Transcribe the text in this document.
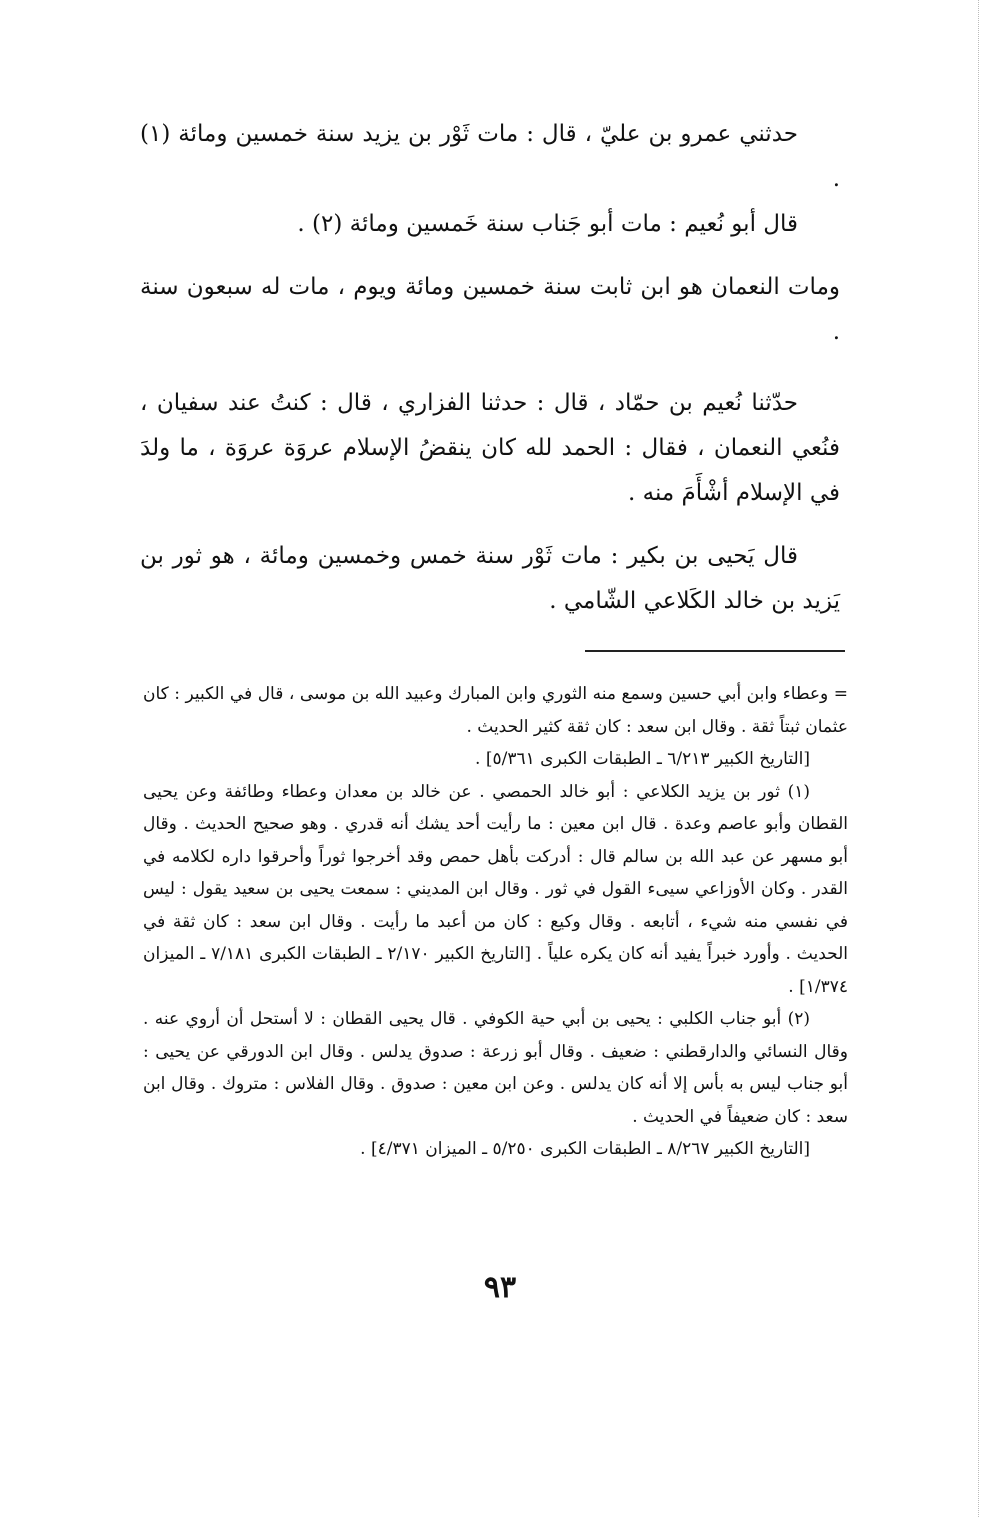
حدثني عمرو بن عليّ ، قال : مات ثَوْر بن يزيد سنة خمسين ومائة (١) .

قال أبو نُعيم : مات أبو جَناب سنة خَمسين ومائة (٢) .

ومات النعمان هو ابن ثابت سنة خمسين ومائة ويوم ، مات له سبعون سنة .

حدّثنا نُعيم بن حمّاد ، قال : حدثنا الفزاري ، قال : كنتُ عند سفيان ، فنُعي النعمان ، فقال : الحمد لله كان ينقضُ الإسلام عروَة عروَة ، ما ولدَ في الإسلام أشْأَمَ منه .

قال يَحيى بن بكير : مات ثَوْر سنة خمس وخمسين ومائة ، هو ثور بن يَزيد بن خالد الكَلاعي الشّامي .

= وعطاء وابن أبي حسين وسمع منه الثوري وابن المبارك وعبيد الله بن موسى ، قال في الكبير : كان عثمان ثبتاً ثقة . وقال ابن سعد : كان ثقة كثير الحديث .

[التاريخ الكبير ٦/٢١٣ ـ الطبقات الكبرى ٥/٣٦١] .

(١) ثور بن يزيد الكلاعي : أبو خالد الحمصي . عن خالد بن معدان وعطاء وطائفة وعن يحيى القطان وأبو عاصم وعدة . قال ابن معين : ما رأيت أحد يشك أنه قدري . وهو صحيح الحديث . وقال أبو مسهر عن عبد الله بن سالم قال : أدركت بأهل حمص وقد أخرجوا ثوراً وأحرقوا داره لكلامه في القدر . وكان الأوزاعي سيىء القول في ثور . وقال ابن المديني : سمعت يحيى بن سعيد يقول : ليس في نفسي منه شيء ، أتابعه . وقال وكيع : كان من أعبد ما رأيت . وقال ابن سعد : كان ثقة في الحديث . وأورد خبراً يفيد أنه كان يكره علياً . [التاريخ الكبير ٢/١٧٠ ـ الطبقات الكبرى ٧/١٨١ ـ الميزان ١/٣٧٤] .

(٢) أبو جناب الكلبي : يحيى بن أبي حية الكوفي . قال يحيى القطان : لا أستحل أن أروي عنه . وقال النسائي والدارقطني : ضعيف . وقال أبو زرعة : صدوق يدلس . وقال ابن الدورقي عن يحيى : أبو جناب ليس به بأس إلا أنه كان يدلس . وعن ابن معين : صدوق . وقال الفلاس : متروك . وقال ابن سعد : كان ضعيفاً في الحديث .

[التاريخ الكبير ٨/٢٦٧ ـ الطبقات الكبرى ٥/٢٥٠ ـ الميزان ٤/٣٧١] .

٩٣
